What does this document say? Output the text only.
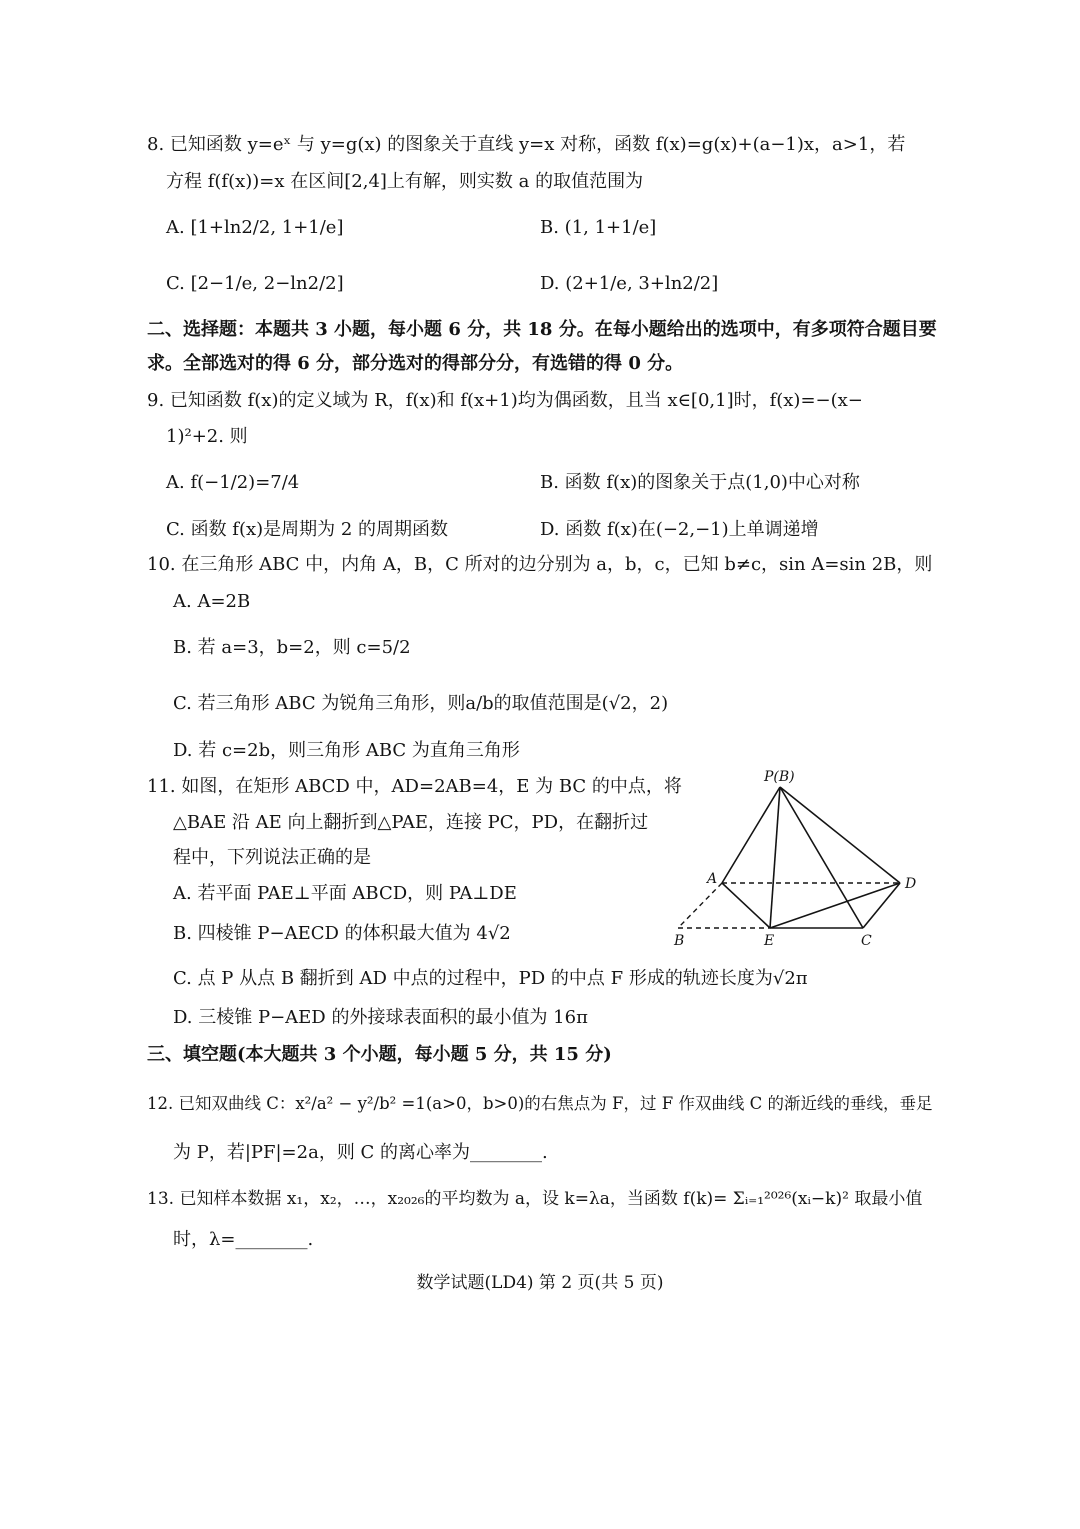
8. 已知函数 y=eˣ 与 y=g(x) 的图象关于直线 y=x 对称，函数 f(x)=g(x)+(a−1)x，a>1，若
方程 f(f(x))=x 在区间[2,4]上有解，则实数 a 的取值范围为
A. [1+ln2/2, 1+1/e]	B. (1, 1+1/e]
C. [2−1/e, 2−ln2/2]	D. (2+1/e, 3+ln2/2]
二、选择题：本题共 3 小题，每小题 6 分，共 18 分。在每小题给出的选项中，有多项符合题目要
求。全部选对的得 6 分，部分选对的得部分分，有选错的得 0 分。
9. 已知函数 f(x)的定义域为 R，f(x)和 f(x+1)均为偶函数，且当 x∈[0,1]时，f(x)=−(x−
1)²+2. 则
A. f(−1/2)=7/4	B. 函数 f(x)的图象关于点(1,0)中心对称
C. 函数 f(x)是周期为 2 的周期函数	D. 函数 f(x)在(−2,−1)上单调递增
10. 在三角形 ABC 中，内角 A，B，C 所对的边分别为 a，b，c，已知 b≠c，sin A=sin 2B，则
A. A=2B
B. 若 a=3，b=2，则 c=5/2
C. 若三角形 ABC 为锐角三角形，则a/b的取值范围是(√2，2)
D. 若 c=2b，则三角形 ABC 为直角三角形
11. 如图，在矩形 ABCD 中，AD=2AB=4，E 为 BC 的中点，将
△BAE 沿 AE 向上翻折到△PAE，连接 PC，PD，在翻折过
程中，下列说法正确的是
A. 若平面 PAE⊥平面 ABCD，则 PA⊥DE
B. 四棱锥 P−AECD 的体积最大值为 4√2
C. 点 P 从点 B 翻折到 AD 中点的过程中，PD 的中点 F 形成的轨迹长度为√2π
D. 三棱锥 P−AED 的外接球表面积的最小值为 16π
P(B)
A
B	E	C
D
三、填空题(本大题共 3 个小题，每小题 5 分，共 15 分)
12. 已知双曲线 C：x²/a² − y²/b² =1(a>0，b>0)的右焦点为 F，过 F 作双曲线 C 的渐近线的垂线，垂足
为 P，若|PF|=2a，则 C 的离心率为________.
13. 已知样本数据 x₁，x₂，…，x₂₀₂₆的平均数为 a，设 k=λa，当函数 f(k)= Σᵢ₌₁²⁰²⁶(xᵢ−k)² 取最小值
时，λ=________.
数学试题(LD4) 第 2 页(共 5 页)
